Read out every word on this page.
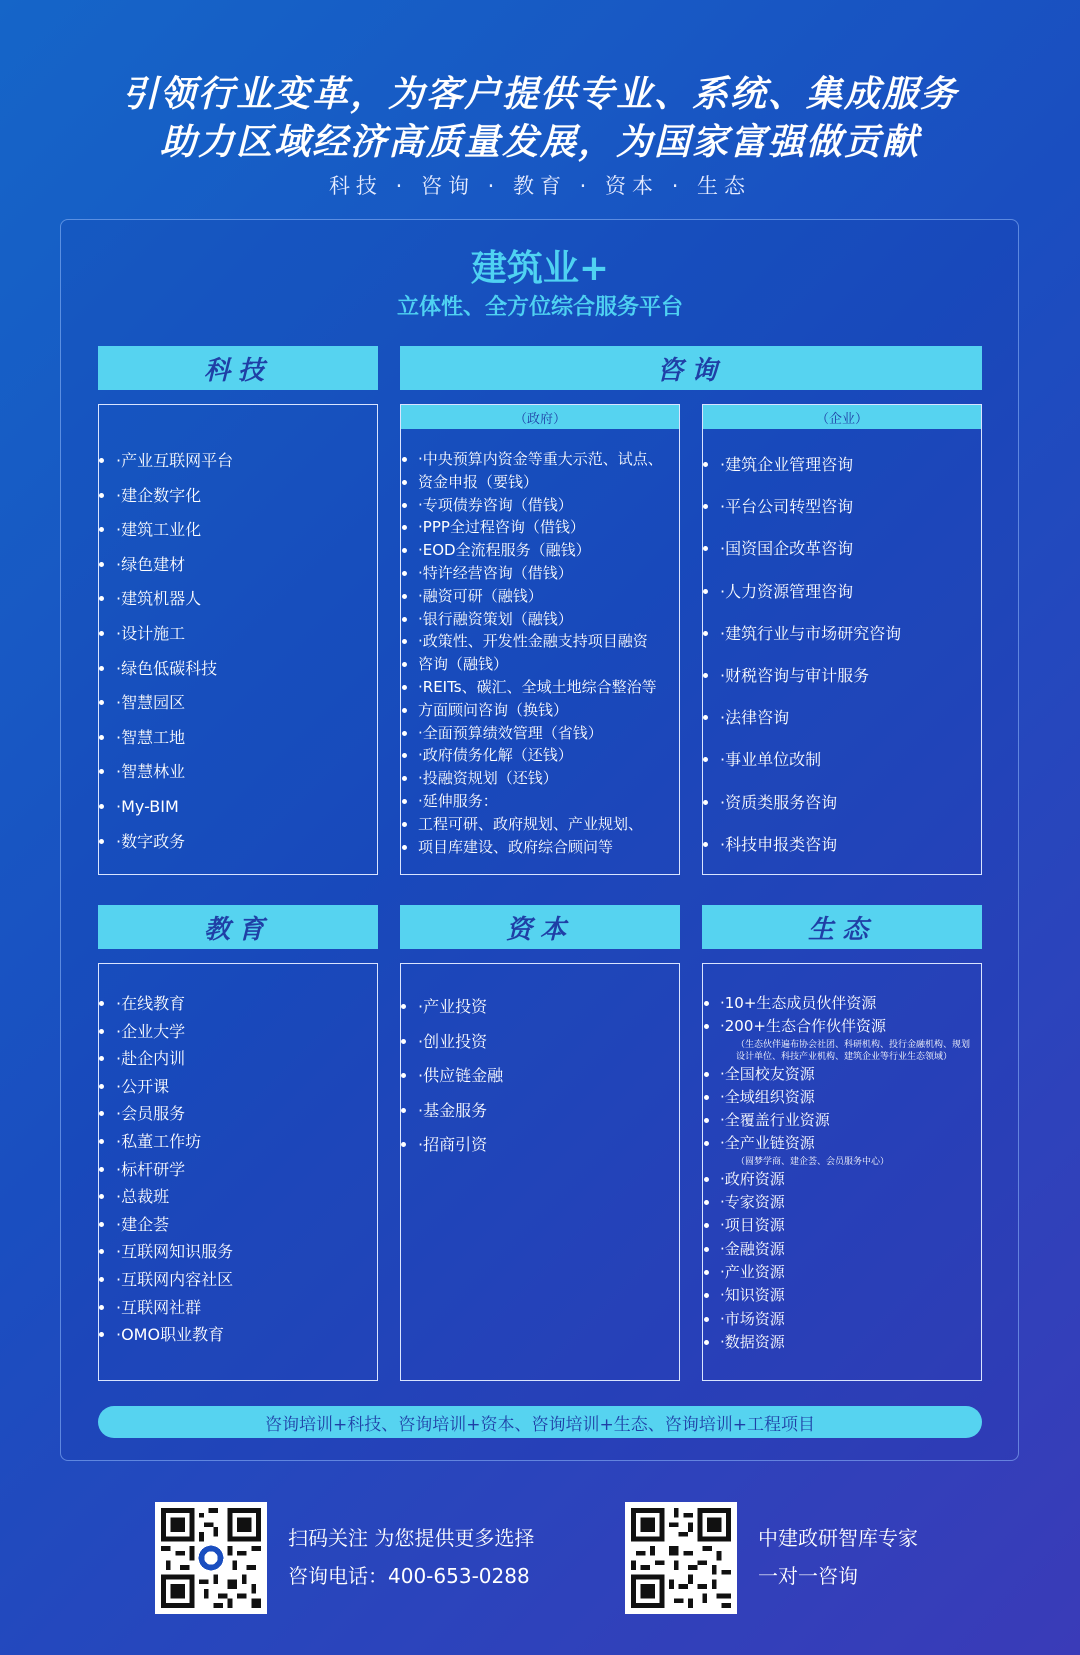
引领行业变革，为客户提供专业、系统、集成服务
助力区域经济高质量发展，为国家富强做贡献
科技 · 咨询 · 教育 · 资本 · 生态
建筑业+
立体性、全方位综合服务平台
科技
• ·产业互联网平台
• ·建企数字化
• ·建筑工业化
• ·绿色建材
• ·建筑机器人
• ·设计施工
• ·绿色低碳科技
• ·智慧园区
• ·智慧工地
• ·智慧林业
• ·My-BIM
• ·数字政务
咨询
（政府）
• ·中央预算内资金等重大示范、试点、
• 资金申报（要钱）
• ·专项债券咨询（借钱）
• ·PPP全过程咨询（借钱）
• ·EOD全流程服务（融钱）
• ·特许经营咨询（借钱）
• ·融资可研（融钱）
• ·银行融资策划（融钱）
• ·政策性、开发性金融支持项目融资
• 咨询（融钱）
• ·REITs、碳汇、全域土地综合整治等
• 方面顾问咨询（换钱）
• ·全面预算绩效管理（省钱）
• ·政府债务化解（还钱）
• ·投融资规划（还钱）
• ·延伸服务：
• 工程可研、政府规划、产业规划、
• 项目库建设、政府综合顾问等
（企业）
• ·建筑企业管理咨询
• ·平台公司转型咨询
• ·国资国企改革咨询
• ·人力资源管理咨询
• ·建筑行业与市场研究咨询
• ·财税咨询与审计服务
• ·法律咨询
• ·事业单位改制
• ·资质类服务咨询
• ·科技申报类咨询
教育
• ·在线教育
• ·企业大学
• ·赴企内训
• ·公开课
• ·会员服务
• ·私董工作坊
• ·标杆研学
• ·总裁班
• ·建企荟
• ·互联网知识服务
• ·互联网内容社区
• ·互联网社群
• ·OMO职业教育
资本
• ·产业投资
• ·创业投资
• ·供应链金融
• ·基金服务
• ·招商引资
生态
• ·10+生态成员伙伴资源
• ·200+生态合作伙伴资源
（生态伙伴遍布协会社团、科研机构、投行金融机构、规划设计单位、科技产业机构、建筑企业等行业生态领域）
• ·全国校友资源
• ·全域组织资源
• ·全覆盖行业资源
• ·全产业链资源
（圆梦学商、建企荟、会员服务中心）
• ·政府资源
• ·专家资源
• ·项目资源
• ·金融资源
• ·产业资源
• ·知识资源
• ·市场资源
• ·数据资源
咨询培训+科技、咨询培训+资本、咨询培训+生态、咨询培训+工程项目
扫码关注 为您提供更多选择
咨询电话：400-653-0288
中建政研智库专家
一对一咨询
